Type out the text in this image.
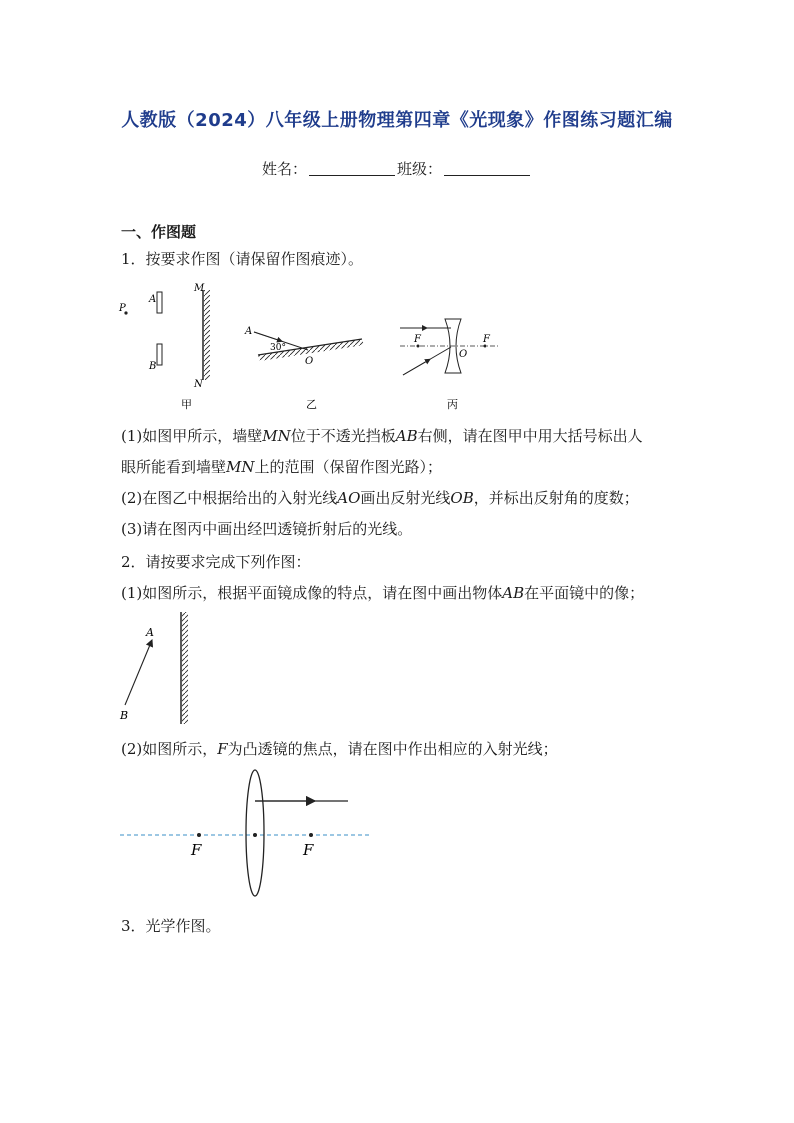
人教版（2024）八年级上册物理第四章《光现象》作图练习题汇编
姓名：	班级：
一、作图题
1．按要求作图（请保留作图痕迹）。
P
A
B
M
N
甲
A
30°
O
乙
F	F
O
丙
(1)如图甲所示，墙壁MN位于不透光挡板AB右侧，请在图甲中用大括号标出人
眼所能看到墙壁MN上的范围（保留作图光路）；
(2)在图乙中根据给出的入射光线AO画出反射光线OB，并标出反射角的度数；
(3)请在图丙中画出经凹透镜折射后的光线。
2．请按要求完成下列作图：
(1)如图所示，根据平面镜成像的特点，请在图中画出物体AB在平面镜中的像；
A
B
(2)如图所示，F为凸透镜的焦点，请在图中作出相应的入射光线；
F	F
3．光学作图。
